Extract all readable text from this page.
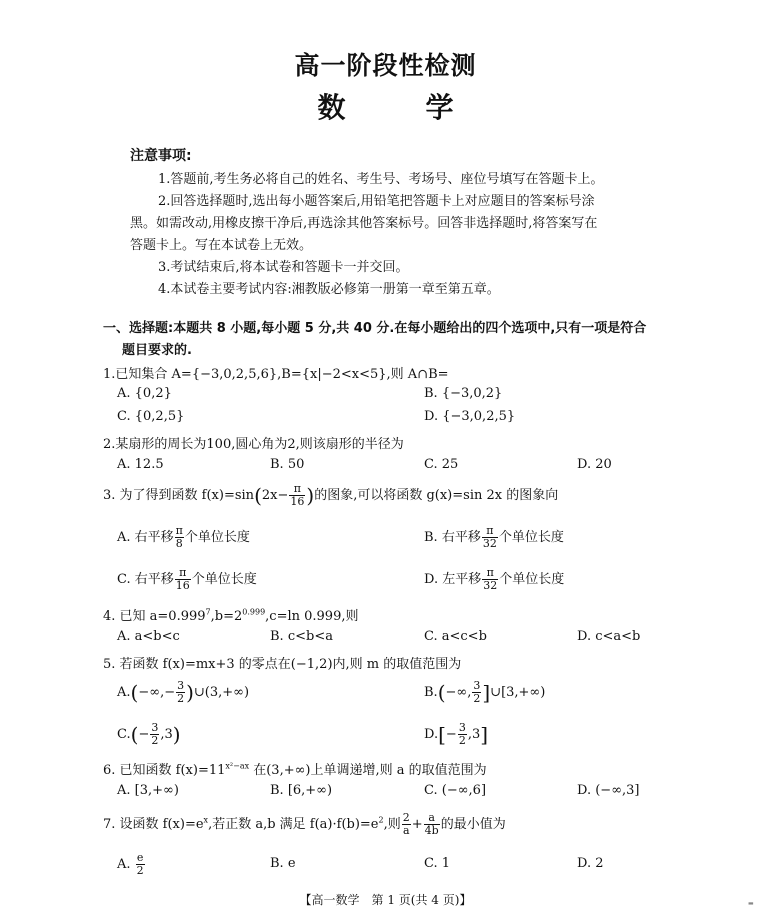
高一阶段性检测
数	学
注意事项:
1.答题前,考生务必将自己的姓名、考生号、考场号、座位号填写在答题卡上。
2.回答选择题时,选出每小题答案后,用铅笔把答题卡上对应题目的答案标号涂
黑。如需改动,用橡皮擦干净后,再选涂其他答案标号。回答非选择题时,将答案写在
答题卡上。写在本试卷上无效。
3.考试结束后,将本试卷和答题卡一并交回。
4.本试卷主要考试内容:湘教版必修第一册第一章至第五章。
一、选择题:本题共 8 小题,每小题 5 分,共 40 分.在每小题给出的四个选项中,只有一项是符合
题目要求的.
1.已知集合 A={−3,0,2,5,6},B={x|−2<x<5},则 A∩B=
A. {0,2}	B. {−3,0,2}
C. {0,2,5}	D. {−3,0,2,5}
2.某扇形的周长为100,圆心角为2,则该扇形的半径为
A. 12.5	B. 50	C. 25	D. 20
3. 为了得到函数 $f(x)=\sin(2x- \frac{\pi}{16}$ )的图象,可以将函数 g(x)=sin 2x 的图象向
A. 右平移 $\frac{\pi}{8}$ 个单位长度	B. 右平移 $\frac{\pi}{32}$ 个单位长度
C. 右平移 $\frac{\pi}{16}$ 个单位长度	D. 左平移 $\frac{\pi}{32}$ 个单位长度
4. 已知 $a=0.999^7,b=2^{0.999},c=\ln$ 0.999,则
A. a<b<c	B. c<b<a	C. a<c<b	D. c<a<b
5. 若函数 f(x)=mx+3 的零点在(−1,2)内,则 m 的取值范围为
$A.(-\infty,- \frac{3}{2}$ )∪(3,+∞)	B.(−∞, $\frac{3}{2}$ ]∪[3,+∞)
$C.(- \frac{3}{2} ,3)$	$D.[- \frac{3}{2} ,3]$
6. 已知函数 $f(x)=11^{x^2-ax}$ 在(3,+∞)上单调递增,则 a 的取值范围为
A. [3,+∞)	B. [6,+∞)	C. (−∞,6]	D. (−∞,3]
7. 设函数 $f(x)=e^x$,若正数 a,b 满足 $f(a)\cdot f(b)=e^2$,则 $\frac{2}{a} + \frac{a}{4b}$ 的最小值为
A. $\frac{e}{2}$	B. e	C. 1	D. 2
【高一数学　第 1 页(共 4 页)】	▬
